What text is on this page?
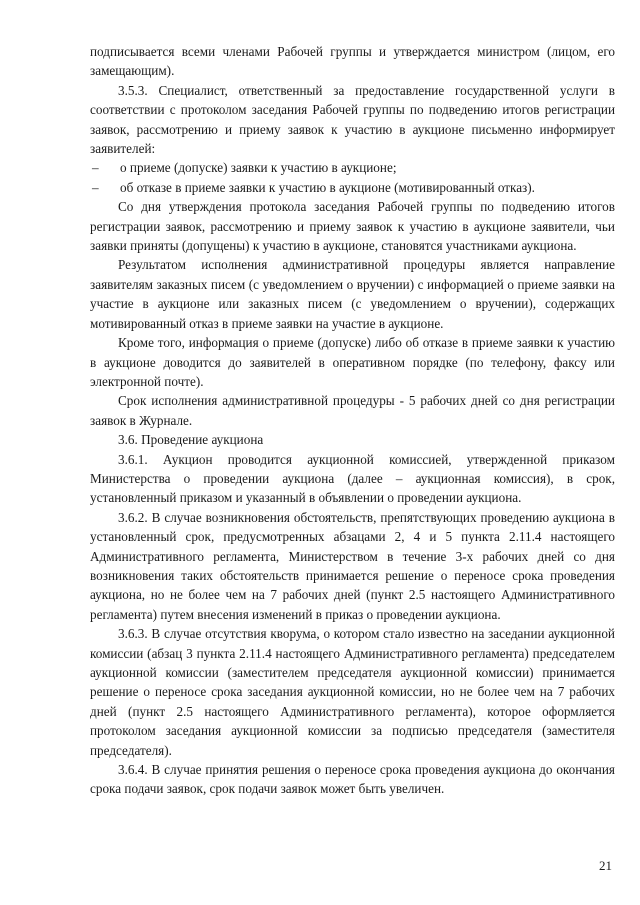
подписывается всеми членами Рабочей группы и утверждается министром (лицом, его замещающим).

3.5.3. Специалист, ответственный за предоставление государственной услуги в соответствии с протоколом заседания Рабочей группы по подведению итогов регистрации заявок, рассмотрению и приему заявок к участию в аукционе письменно информирует заявителей:

–	о приеме (допуске) заявки к участию в аукционе;
–	об отказе в приеме заявки к участию в аукционе (мотивированный отказ).

Со дня утверждения протокола заседания Рабочей группы по подведению итогов регистрации заявок, рассмотрению и приему заявок к участию в аукционе заявители, чьи заявки приняты (допущены) к участию в аукционе, становятся участниками аукциона.

Результатом исполнения административной процедуры является направление заявителям заказных писем (с уведомлением о вручении) с информацией о приеме заявки на участие в аукционе или заказных писем (с уведомлением о вручении), содержащих мотивированный отказ в приеме заявки на участие в аукционе.

Кроме того, информация о приеме (допуске) либо об отказе в приеме заявки к участию в аукционе доводится до заявителей в оперативном порядке (по телефону, факсу или электронной почте).

Срок исполнения административной процедуры - 5 рабочих дней со дня регистрации заявок в Журнале.

3.6. Проведение аукциона

3.6.1. Аукцион проводится аукционной комиссией, утвержденной приказом Министерства о проведении аукциона (далее – аукционная комиссия), в срок, установленный приказом и указанный в объявлении о проведении аукциона.

3.6.2. В случае возникновения обстоятельств, препятствующих проведению аукциона в установленный срок, предусмотренных абзацами 2, 4 и 5 пункта 2.11.4 настоящего Административного регламента, Министерством в течение 3-х рабочих дней со дня возникновения таких обстоятельств принимается решение о переносе срока проведения аукциона, но не более чем на 7 рабочих дней (пункт 2.5 настоящего Административного регламента) путем внесения изменений в приказ о проведении аукциона.

3.6.3. В случае отсутствия кворума, о котором стало известно на заседании аукционной комиссии (абзац 3 пункта 2.11.4 настоящего Административного регламента) председателем аукционной комиссии (заместителем председателя аукционной комиссии) принимается решение о переносе срока заседания аукционной комиссии, но не более чем на 7 рабочих дней (пункт 2.5 настоящего Административного регламента), которое оформляется протоколом заседания аукционной комиссии за подписью председателя (заместителя председателя).

3.6.4. В случае принятия решения о переносе срока проведения аукциона до окончания срока подачи заявок, срок подачи заявок может быть увеличен.

21
